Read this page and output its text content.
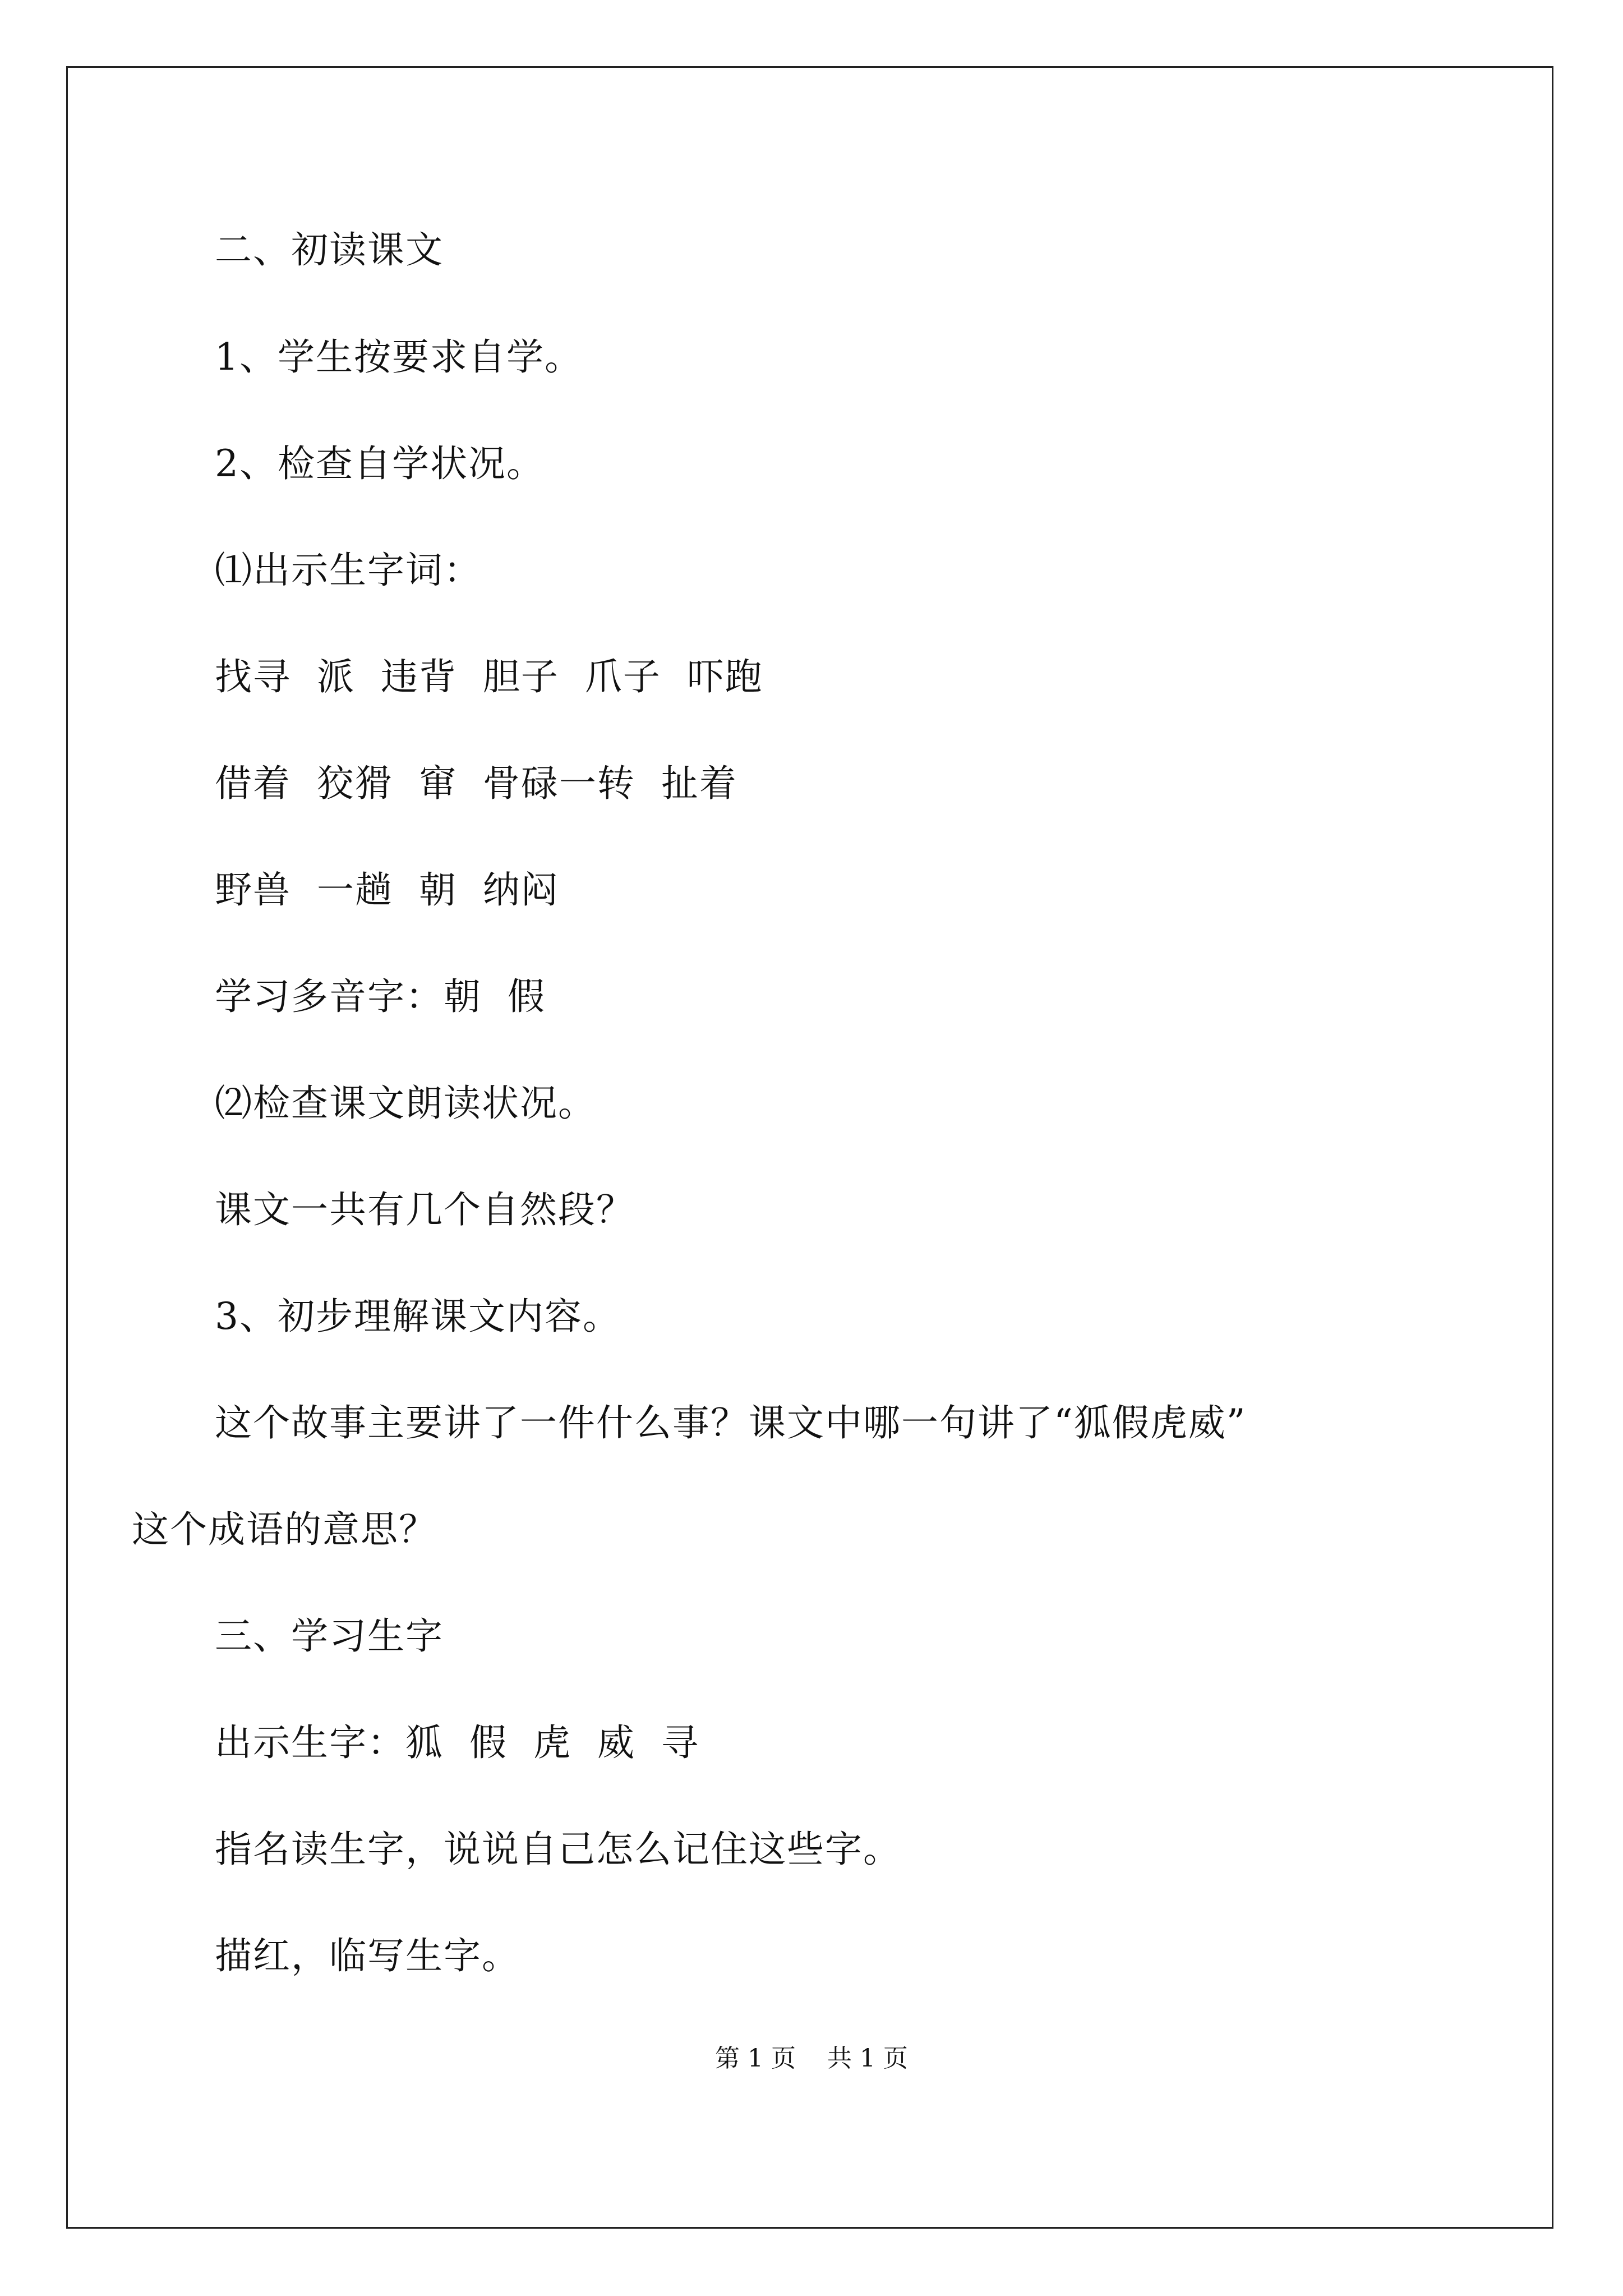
二、初读课文
1、学生按要求自学。
2、检查自学状况。
⑴出示生字词：
找寻  派  违背  胆子  爪子  吓跑
借着  狡猾  窜  骨碌一转  扯着
野兽  一趟  朝  纳闷
学习多音字：朝  假
⑵检查课文朗读状况。
课文一共有几个自然段？
3、初步理解课文内容。
这个故事主要讲了一件什么事？课文中哪一句讲了“狐假虎威”
这个成语的意思？
三、学习生字
出示生字：狐  假  虎  威  寻
指名读生字，说说自己怎么记住这些字。
描红，临写生字。
第 1 页    共 1 页
